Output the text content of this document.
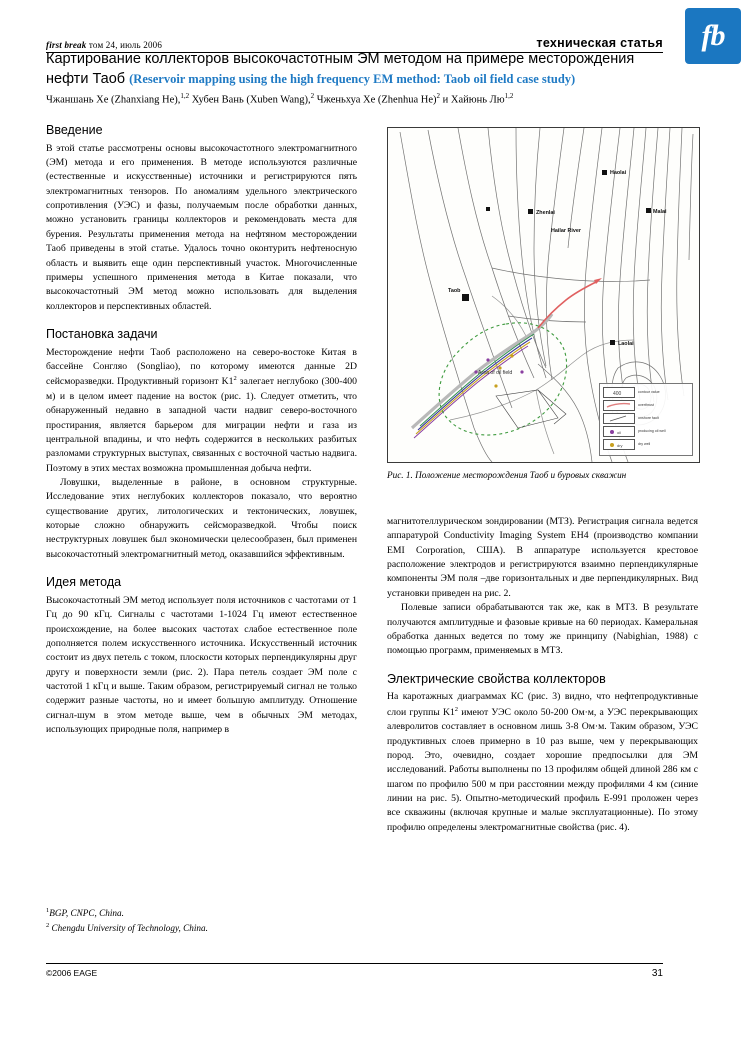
fb
first break том 24, июль 2006	техническая статья
Картирование коллекторов высокочастотным ЭМ методом на примере месторождения нефти Таоб (Reservoir mapping using the high frequency EM method: Taob oil field case study)
Чжаншань Хе (Zhanxiang He),$^{1,2}$ Хубен Вань (Xuben Wang),$^2$ Чженьхуа Хе (Zhenhua He)$^2$ и Хайюнь Лю$^{1,2}$
Введение

В этой статье рассмотрены основы высокочастотного электромагнитного (ЭМ) метода и его применения. В методе используются различные (естественные и искусственные) источники и регистрируются пять электромагнитных тензоров. По аномалиям удельного электрического сопротивления (УЭС) и фазы, получаемым после обработки данных, можно установить границы коллекторов и рекомендовать места для бурения. Результаты применения метода на нефтяном месторождении Таоб приведены в этой статье. Удалось точно оконтурить нефтеносную область и выявить еще один перспективный участок. Многочисленные примеры успешного применения метода в Китае показали, что высокочастотный ЭМ метод можно использовать для выделения коллекторов и перспективных областей.

Постановка задачи

Месторождение нефти Таоб расположено на северо-востоке Китая в бассейне Сонгляо (Songliao), по которому имеются данные 2D сейсморазведки. Продуктивный горизонт $K1^2$ залегает неглубоко (300-400 м) и в целом имеет падение на восток (рис. 1). Следует отметить, что обнаруженный недавно в западной части надвиг северо-восточного простирания, является барьером для миграции нефти и газа из центральной впадины, и что нефть содержится в нескольких разбитых разломами структурных выступах, связанных с восточной частью надвига. Поэтому в этих местах возможна промышленная добыча нефти.

Ловушки, выделенные в районе, в основном структурные. Исследование этих неглубоких коллекторов показало, что вероятно существование других, литологических и тектонических, ловушек, которые сложно обнаружить сейсморазведкой. Чтобы поиск неструктурных ловушек был экономически целесообразен, был применен высокочастотный электромагнитный метод, оказавшийся эффективным.

Идея метода

Высокочастотный ЭМ метод использует поля источников с частотами от 1 Гц до 90 кГц. Сигналы с частотами 1-1024 Гц имеют естественное происхождение, на более высоких частотах слабое естественное поле дополняется полем искусственного источника. Искусственный источник состоит из двух петель с током, плоскости которых перпендикулярны друг другу и поверхности земли (рис. 2). Пара петель создает ЭМ поле с частотой 1 кГц и выше. Таким образом, регистрируемый сигнал не только содержит разные частоты, но и имеет большую амплитуду. Отношение сигнал-шум в этом методе выше, чем в обычных ЭМ методах, использующих природные поля, например в

Taob
Zhenlai
Haolai
Malai
Laolai
Hailar River
Area of oil field
400	contour value
overthrust
onshore fault
oil	producing oil well
dry	dry well
Рис. 1. Положение месторождения Таоб и буровых скважин

магнитотеллурическом зондировании (МТЗ). Регистрация сигнала ведется аппаратурой Conductivity Imaging System EH4 (производство компании EMI Corporation, США). В аппаратуре используется крестовое расположение электродов и регистрируются взаимно перпендикулярные компоненты ЭМ поля –две горизонтальных и две перпендикулярных. Вид установки приведен на рис. 2.

Полевые записи обрабатываются так же, как в МТЗ. В результате получаются амплитудные и фазовые кривые на 60 периодах. Камеральная обработка данных ведется по тому же принципу (Nabighian, 1988) с помощью программ, применяемых в МТЗ.

Электрические свойства коллекторов

На каротажных диаграммах КС (рис. 3) видно, что нефтепродуктивные слои группы $K1^2$ имеют УЭС около 50-200 Ом·м, а УЭС перекрывающих алевролитов составляет в основном лишь 3-8 Ом·м. Таким образом, УЭС продуктивных слоев примерно в 10 раз выше, чем у перекрывающих пород. Это, очевидно, создает хорошие предпосылки для ЭМ исследований. Работы выполнены по 13 профилям общей длиной 286 км с шагом по профилю 500 м при расстоянии между профилями 4 км (синие линии на рис. 5). Опытно-методический профиль E-991 проложен через все скважины (включая крупные и малые эксплуатационные). По этому профилю определены электромагнитные свойства (рис. 4).

$^1$BGP, CNPC, China.
$^2$ Chengdu University of Technology, China.
©2006 EAGE	31
